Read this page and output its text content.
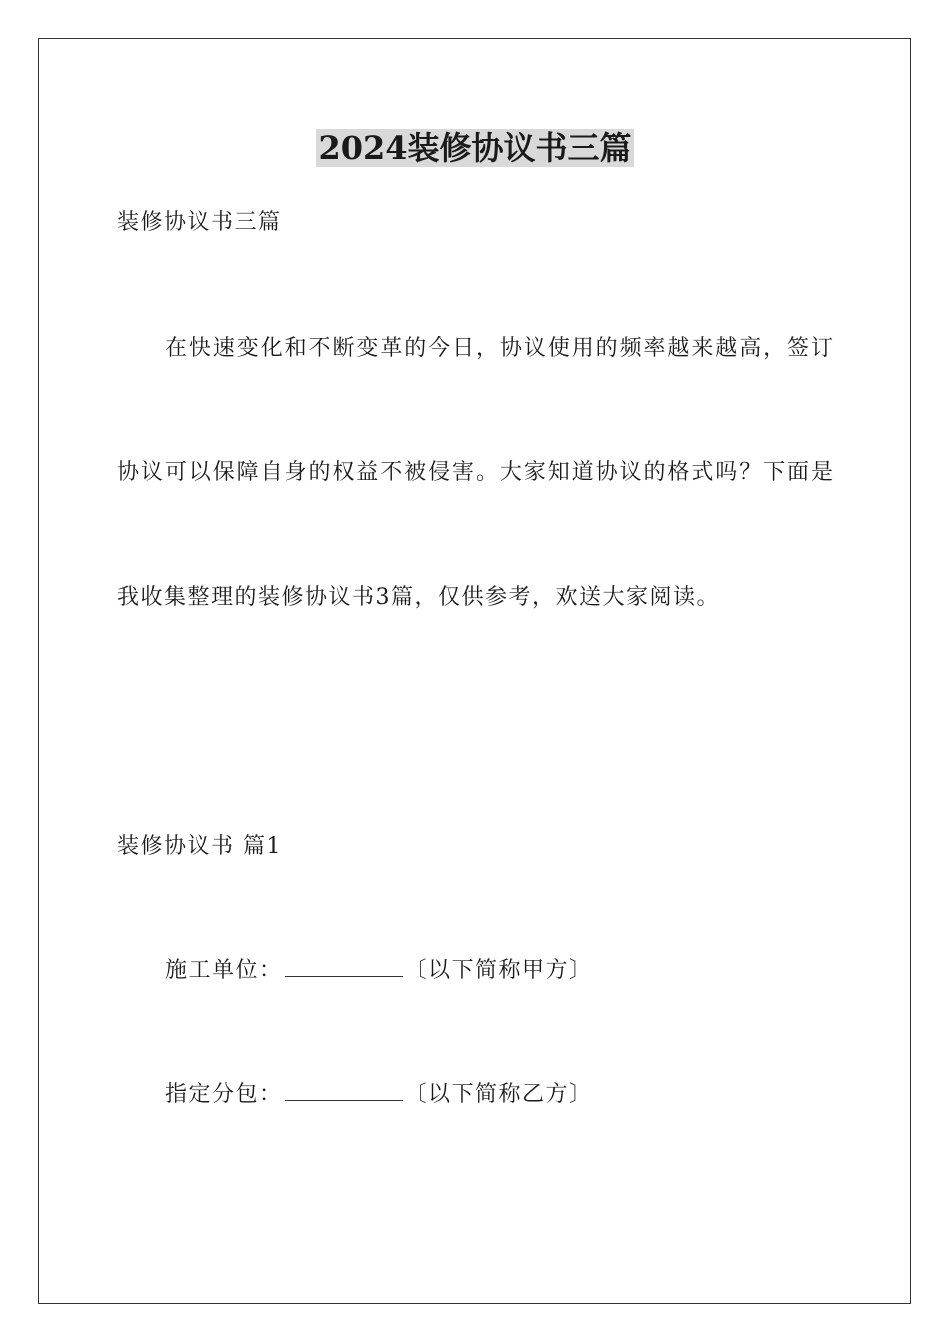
2024装修协议书三篇
装修协议书三篇
在快速变化和不断变革的今日，协议使用的频率越来越高，签订
协议可以保障自身的权益不被侵害。大家知道协议的格式吗？下面是
我收集整理的装修协议书3篇，仅供参考，欢送大家阅读。
装修协议书 篇1
施工单位：	〔以下简称甲方〕
指定分包：	〔以下简称乙方〕
